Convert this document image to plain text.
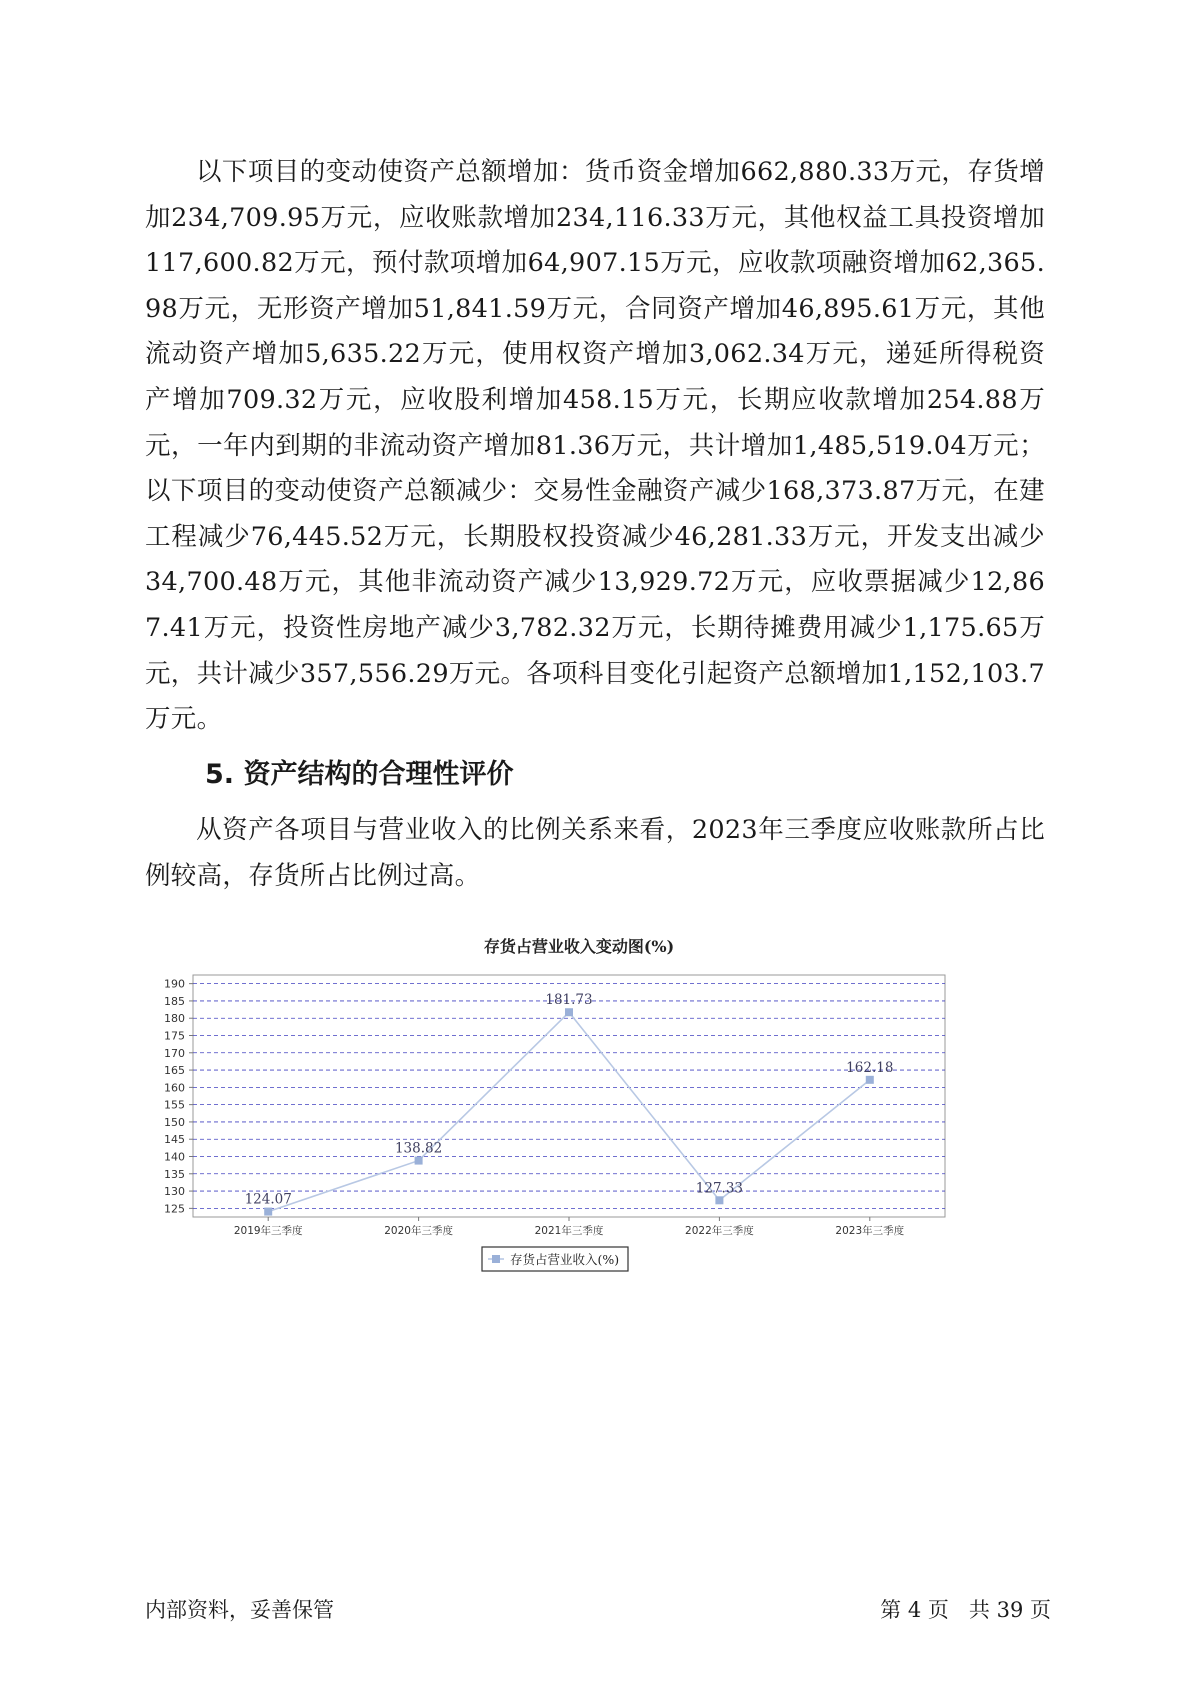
以下项目的变动使资产总额增加：货币资金增加662,880.33万元，存货增加234,709.95万元，应收账款增加234,116.33万元，其他权益工具投资增加117,600.82万元，预付款项增加64,907.15万元，应收款项融资增加62,365.98万元，无形资产增加51,841.59万元，合同资产增加46,895.61万元，其他流动资产增加5,635.22万元，使用权资产增加3,062.34万元，递延所得税资产增加709.32万元，应收股利增加458.15万元，长期应收款增加254.88万元，一年内到期的非流动资产增加81.36万元，共计增加1,485,519.04万元；以下项目的变动使资产总额减少：交易性金融资产减少168,373.87万元，在建工程减少76,445.52万元，长期股权投资减少46,281.33万元，开发支出减少34,700.48万元，其他非流动资产减少13,929.72万元，应收票据减少12,867.41万元，投资性房地产减少3,782.32万元，长期待摊费用减少1,175.65万元，共计减少357,556.29万元。各项科目变化引起资产总额增加1,152,103.7万元。

5. 资产结构的合理性评价

从资产各项目与营业收入的比例关系来看，2023年三季度应收账款所占比例较高，存货所占比例过高。

存货占营业收入变动图(%)
125
130
135
140
145
150
155
160
165
170
175
180
185
190
2019年三季度	2020年三季度	2021年三季度	2022年三季度	2023年三季度
124.07
138.82
181.73
127.33
162.18
存货占营业收入(%)
内部资料，妥善保管	第 4 页 共 39 页
